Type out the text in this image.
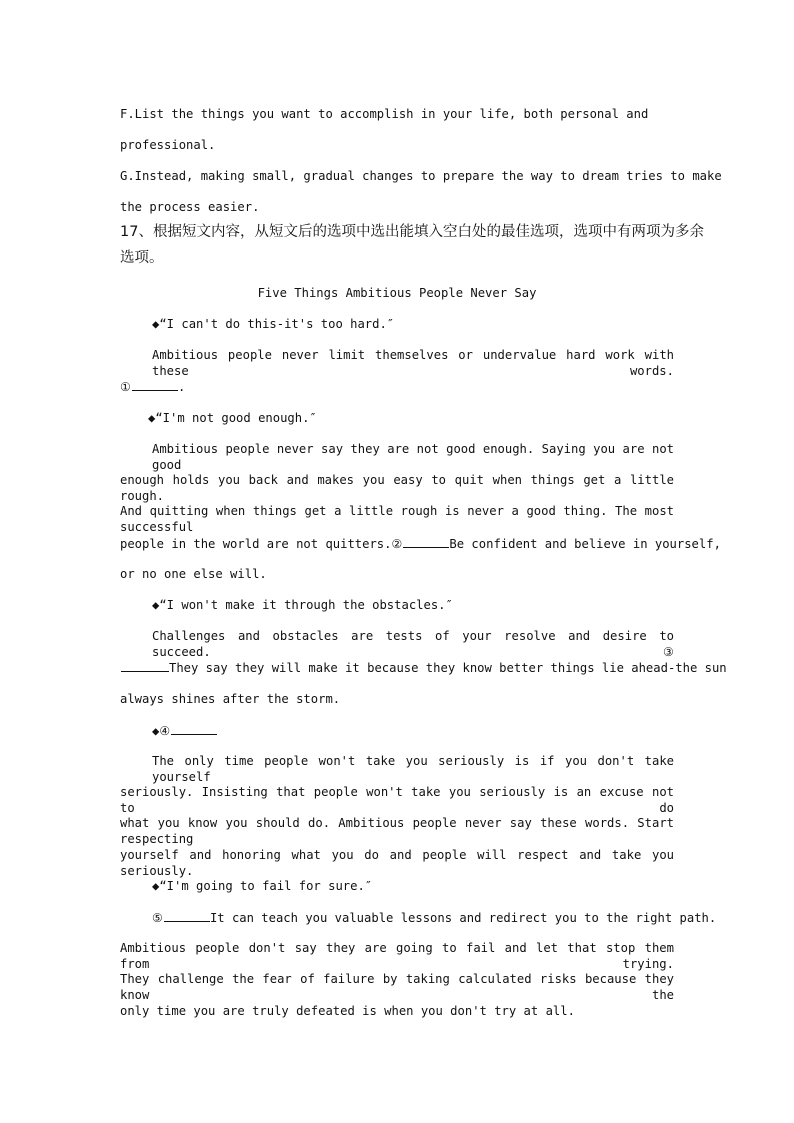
F.List the things you want to accomplish in your life, both personal and
professional.
G.Instead, making small, gradual changes to prepare the way to dream tries to make
the process easier.
17、根据短文内容，从短文后的选项中选出能填入空白处的最佳选项，选项中有两项为多余
选项。
Five Things Ambitious People Never Say
◆“I can't do this-it's too hard.″
Ambitious people never limit themselves or undervalue hard work with these words.
①	.
◆“I'm not good enough.″
Ambitious people never say they are not good enough. Saying you are not good
enough holds you back and makes you easy to quit when things get a little rough.
And quitting when things get a little rough is never a good thing. The most successful
people in the world are not quitters.②	Be confident and believe in yourself,
or no one else will.
◆“I won't make it through the obstacles.″
Challenges and obstacles are tests of your resolve and desire to succeed.③
They say they will make it because they know better things lie ahead-the sun
always shines after the storm.
◆④
The only time people won't take you seriously is if you don't take yourself
seriously. Insisting that people won't take you seriously is an excuse not to do
what you know you should do. Ambitious people never say these words. Start respecting
yourself and honoring what you do and people will respect and take you seriously.
◆“I'm going to fail for sure.″
⑤	It can teach you valuable lessons and redirect you to the right path.
Ambitious people don't say they are going to fail and let that stop them from trying.
They challenge the fear of failure by taking calculated risks because they know the
only time you are truly defeated is when you don't try at all.
